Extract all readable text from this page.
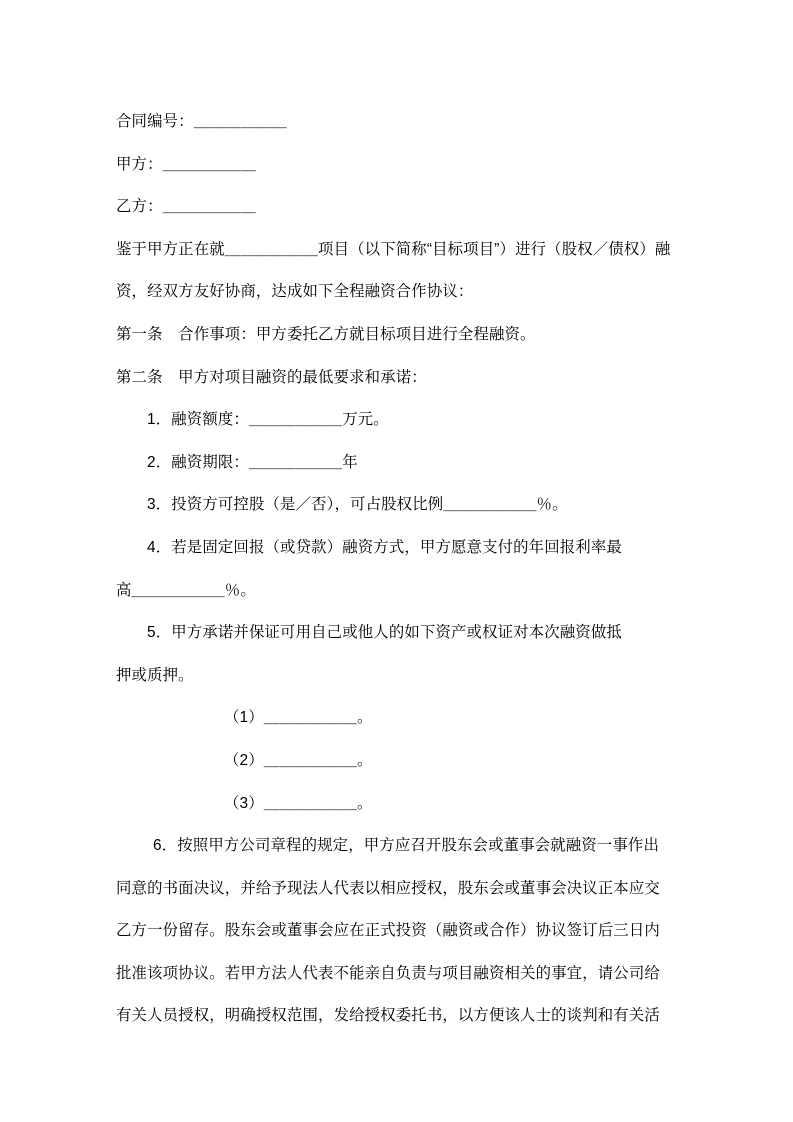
合同编号：＿＿＿＿＿＿
甲方：＿＿＿＿＿＿
乙方：＿＿＿＿＿＿
鉴于甲方正在就＿＿＿＿＿＿项目（以下简称“目标项目”）进行（股权／债权）融
资，经双方友好协商，达成如下全程融资合作协议：
第一条　合作事项：甲方委托乙方就目标项目进行全程融资。
第二条　甲方对项目融资的最低要求和承诺：
1．融资额度：＿＿＿＿＿＿万元。
2．融资期限：＿＿＿＿＿＿年
3．投资方可控股（是／否），可占股权比例＿＿＿＿＿＿％。
4．若是固定回报（或贷款）融资方式，甲方愿意支付的年回报利率最
高＿＿＿＿＿＿％。
5．甲方承诺并保证可用自己或他人的如下资产或权证对本次融资做抵
押或质押。
（1）＿＿＿＿＿＿。
（2）＿＿＿＿＿＿。
（3）＿＿＿＿＿＿。
6．按照甲方公司章程的规定，甲方应召开股东会或董事会就融资一事作出
同意的书面决议，并给予现法人代表以相应授权，股东会或董事会决议正本应交
乙方一份留存。股东会或董事会应在正式投资（融资或合作）协议签订后三日内
批准该项协议。若甲方法人代表不能亲自负责与项目融资相关的事宜，请公司给
有关人员授权，明确授权范围，发给授权委托书，以方便该人士的谈判和有关活
